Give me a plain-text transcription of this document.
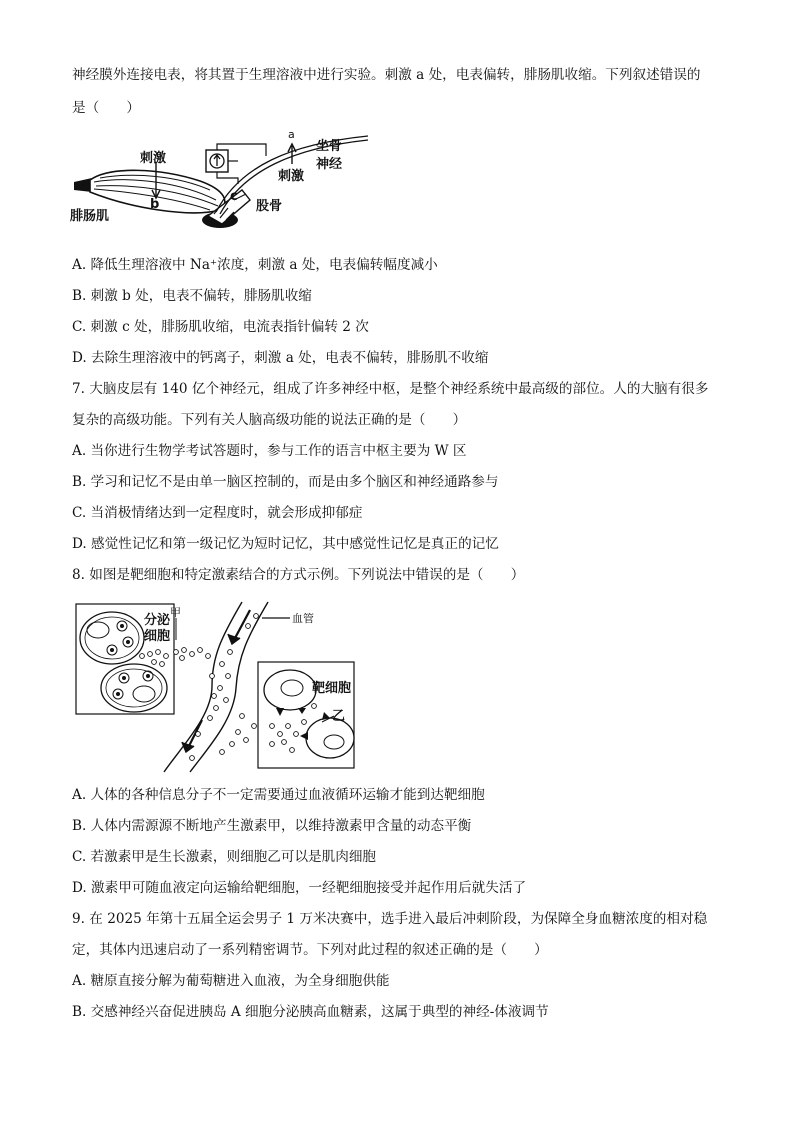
神经膜外连接电表，将其置于生理溶液中进行实验。刺激 a 处，电表偏转，腓肠肌收缩。下列叙述错误的
是（　　）
刺激
b
腓肠肌
a
刺激
坐骨
神经
c
股骨
A. 降低生理溶液中 Na⁺浓度，刺激 a 处，电表偏转幅度减小
B. 刺激 b 处，电表不偏转，腓肠肌收缩
C. 刺激 c 处，腓肠肌收缩，电流表指针偏转 2 次
D. 去除生理溶液中的钙离子，刺激 a 处，电表不偏转，腓肠肌不收缩
7. 大脑皮层有 140 亿个神经元，组成了许多神经中枢，是整个神经系统中最高级的部位。人的大脑有很多
复杂的高级功能。下列有关人脑高级功能的说法正确的是（　　）
A. 当你进行生物学考试答题时，参与工作的语言中枢主要为 W 区
B. 学习和记忆不是由单一脑区控制的，而是由多个脑区和神经通路参与
C. 当消极情绪达到一定程度时，就会形成抑郁症
D. 感觉性记忆和第一级记忆为短时记忆，其中感觉性记忆是真正的记忆
8. 如图是靶细胞和特定激素结合的方式示例。下列说法中错误的是（　　）
分泌
细胞
甲	血管
靶细胞
乙
A. 人体的各种信息分子不一定需要通过血液循环运输才能到达靶细胞
B. 人体内需源源不断地产生激素甲，以维持激素甲含量的动态平衡
C. 若激素甲是生长激素，则细胞乙可以是肌肉细胞
D. 激素甲可随血液定向运输给靶细胞，一经靶细胞接受并起作用后就失活了
9. 在 2025 年第十五届全运会男子 1 万米决赛中，选手进入最后冲刺阶段，为保障全身血糖浓度的相对稳
定，其体内迅速启动了一系列精密调节。下列对此过程的叙述正确的是（　　）
A. 糖原直接分解为葡萄糖进入血液，为全身细胞供能
B. 交感神经兴奋促进胰岛 A 细胞分泌胰高血糖素，这属于典型的神经-体液调节
